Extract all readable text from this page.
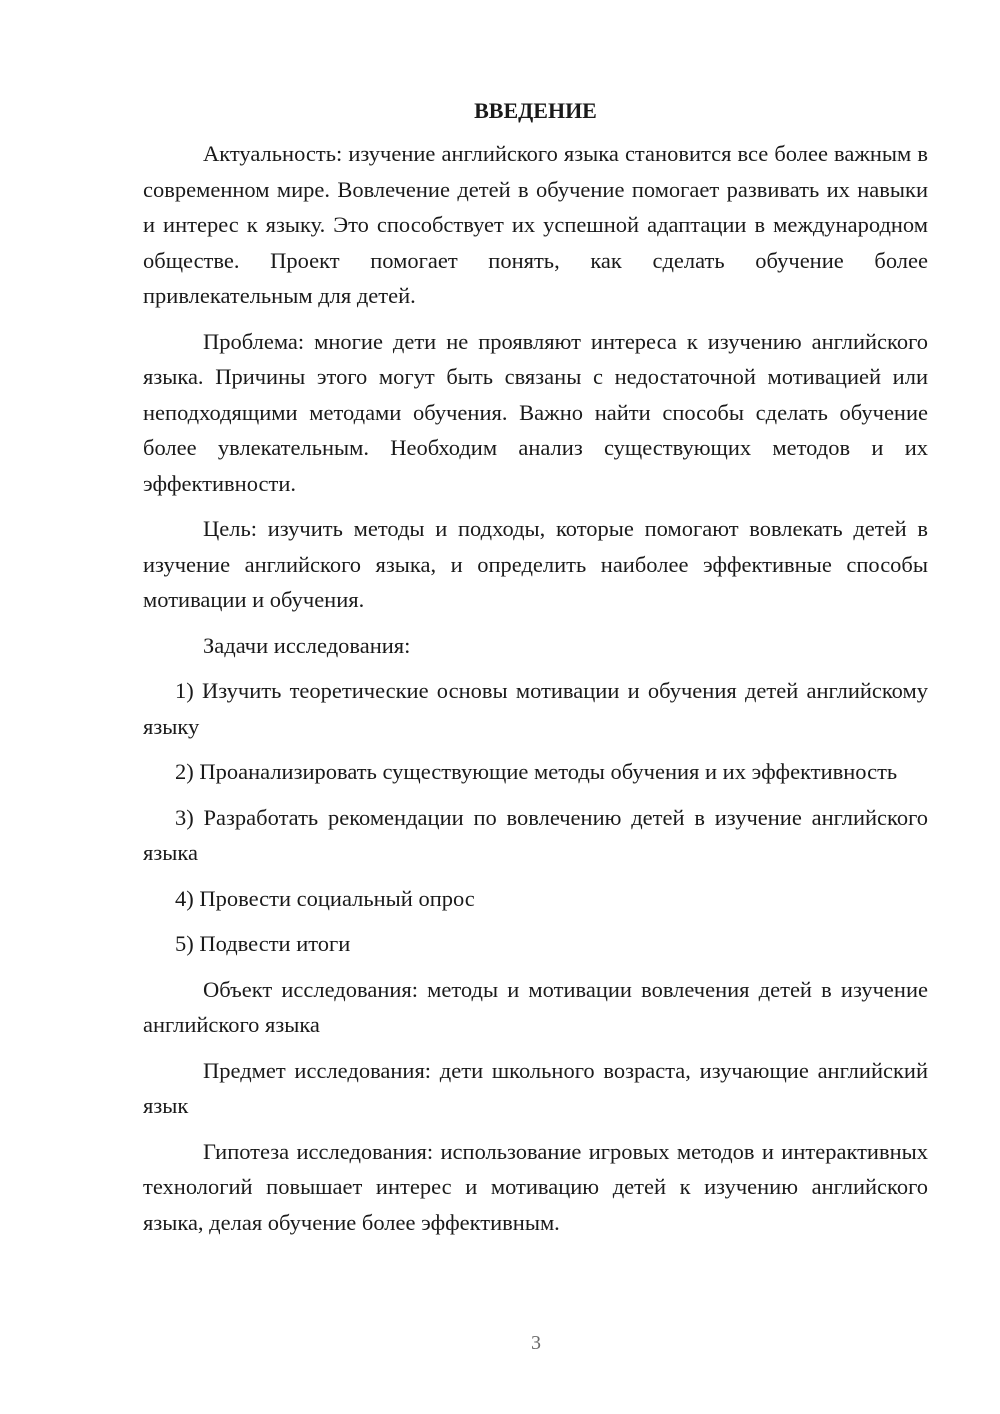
ВВЕДЕНИЕ

Актуальность: изучение английского языка становится все более важным в современном мире. Вовлечение детей в обучение помогает развивать их навыки и интерес к языку. Это способствует их успешной адаптации в международном обществе. Проект помогает понять, как сделать обучение более привлекательным для детей.

Проблема: многие дети не проявляют интереса к изучению английского языка. Причины этого могут быть связаны с недостаточной мотивацией или неподходящими методами обучения. Важно найти способы сделать обучение более увлекательным. Необходим анализ существующих методов и их эффективности.

Цель: изучить методы и подходы, которые помогают вовлекать детей в изучение английского языка, и определить наиболее эффективные способы мотивации и обучения.

Задачи исследования:

1) Изучить теоретические основы мотивации и обучения детей английскому языку

2) Проанализировать существующие методы обучения и их эффективность

3) Разработать рекомендации по вовлечению детей в изучение английского языка

4) Провести социальный опрос

5) Подвести итоги

Объект исследования: методы и мотивации вовлечения детей в изучение английского языка

Предмет исследования: дети школьного возраста, изучающие английский язык

Гипотеза исследования: использование игровых методов и интерактивных технологий повышает интерес и мотивацию детей к изучению английского языка, делая обучение более эффективным.

3
